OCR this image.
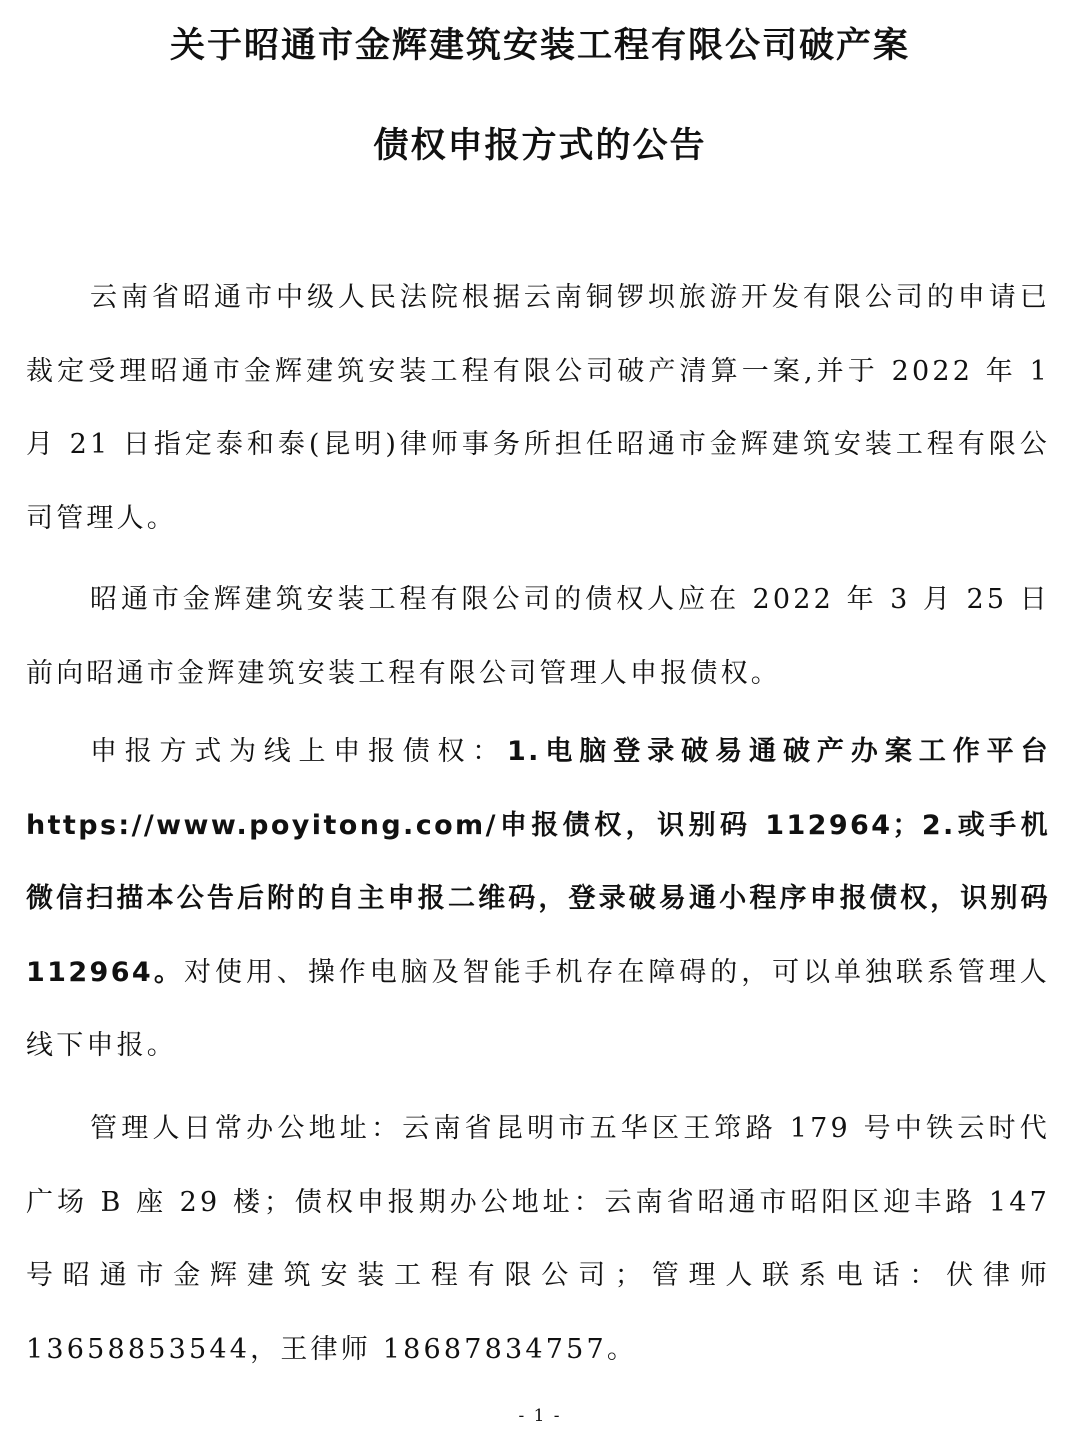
关于昭通市金辉建筑安装工程有限公司破产案
债权申报方式的公告

云南省昭通市中级人民法院根据云南铜锣坝旅游开发有限公司的申请已裁定受理昭通市金辉建筑安装工程有限公司破产清算一案,并于 2022 年 1 月 21 日指定泰和泰(昆明)律师事务所担任昭通市金辉建筑安装工程有限公司管理人。

昭通市金辉建筑安装工程有限公司的债权人应在 2022 年 3 月 25 日前向昭通市金辉建筑安装工程有限公司管理人申报债权。

申报方式为线上申报债权：1.电脑登录破易通破产办案工作平台 https://www.poyitong.com/申报债权，识别码 112964；2.或手机微信扫描本公告后附的自主申报二维码，登录破易通小程序申报债权，识别码 112964。对使用、操作电脑及智能手机存在障碍的，可以单独联系管理人线下申报。

管理人日常办公地址：云南省昆明市五华区王筇路 179 号中铁云时代广场 B 座 29 楼；债权申报期办公地址：云南省昭通市昭阳区迎丰路 147 号昭通市金辉建筑安装工程有限公司；管理人联系电话：伏律师 13658853544，王律师 18687834757。

- 1 -
